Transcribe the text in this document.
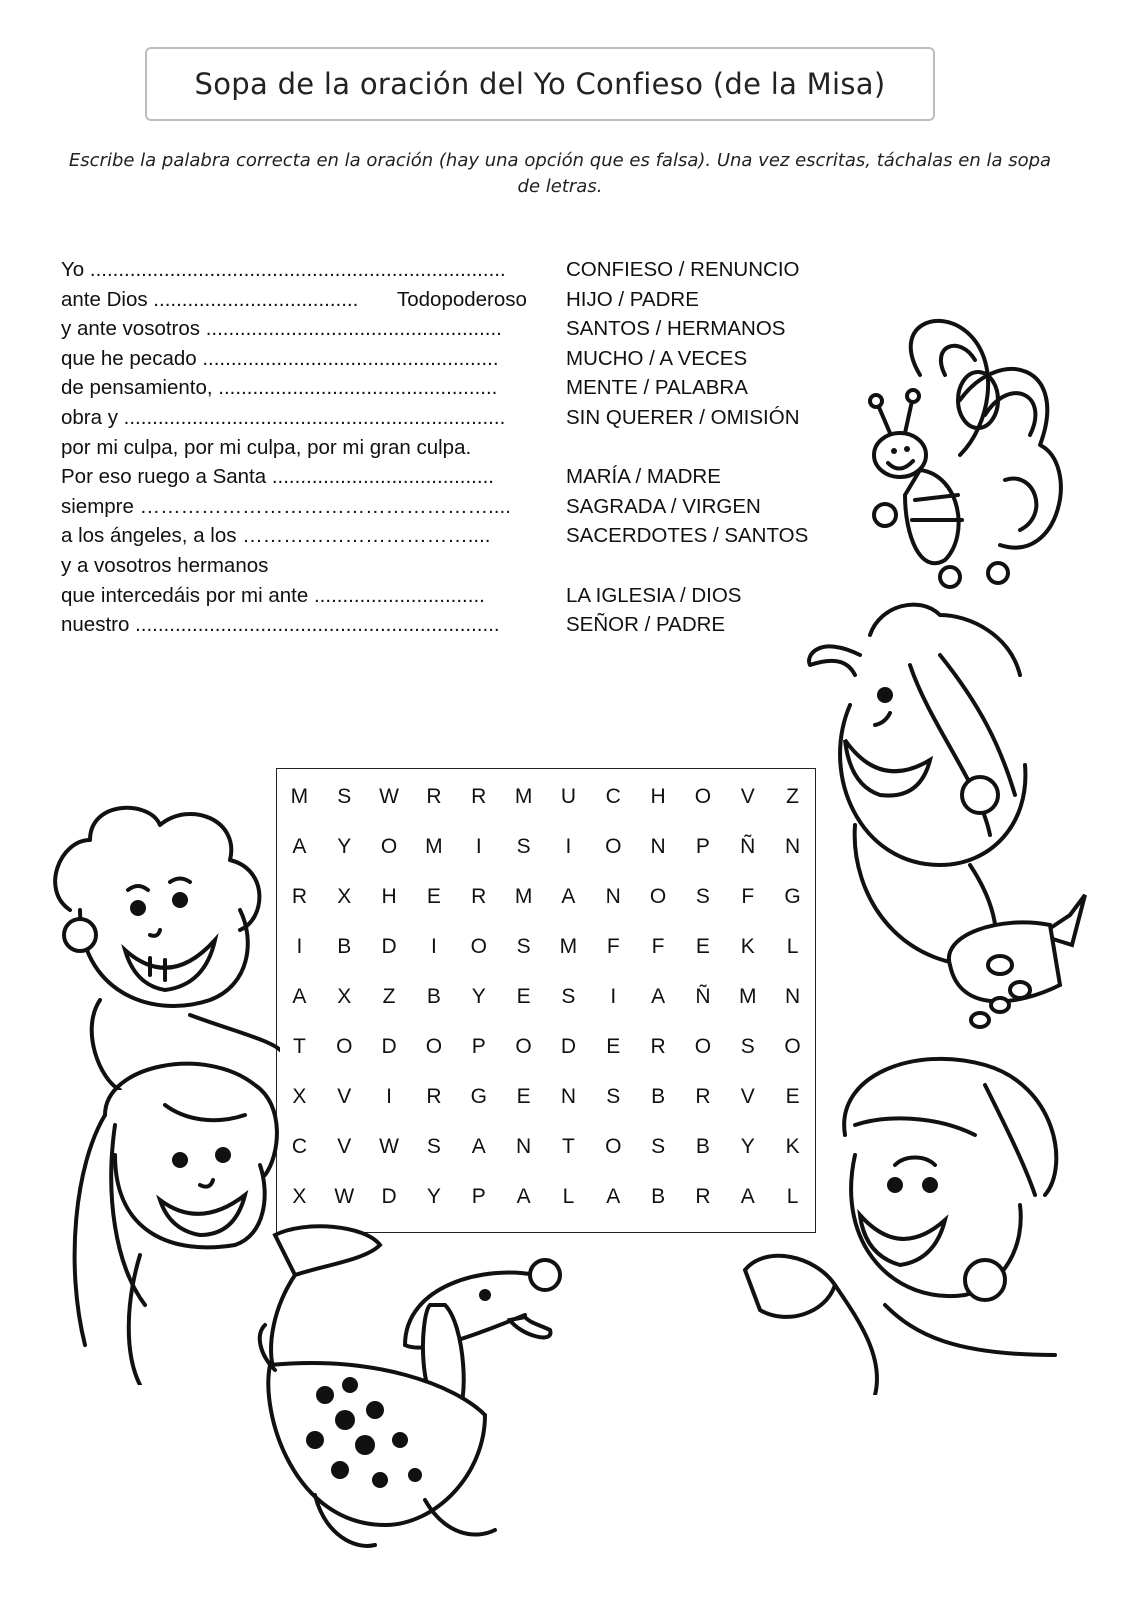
Sopa de la oración del Yo Confieso (de la Misa)
Escribe la palabra correcta en la oración (hay una opción que es falsa). Una vez escritas, táchalas en la sopa de letras.
Yo .........................................................................	CONFIESO / RENUNCIO
ante Dios .................................... Todopoderoso HIJO / PADRE
y ante vosotros ....................................................	SANTOS / HERMANOS
que he pecado ....................................................	MUCHO / A VECES
de pensamiento, .................................................	MENTE / PALABRA
obra y ...................................................................	SIN QUERER / OMISIÓN
por mi culpa, por mi culpa, por mi gran culpa.
Por eso ruego a Santa .......................................	MARÍA / MADRE
siempre ……………………………………………....	SAGRADA / VIRGEN
a los ángeles, a los ……………………………....	SACERDOTES / SANTOS
y a vosotros hermanos
que intercedáis por mi ante ..............................	LA IGLESIA / DIOS
nuestro ................................................................	SEÑOR / PADRE
M	S	W	R	R	M	U	C	H	O	V	Z
A	Y	O	M	I	S	I	O	N	P	Ñ	N
R	X	H	E	R	M	A	N	O	S	F	G
I	B	D	I	O	S	M	F	F	E	K	L
A	X	Z	B	Y	E	S	I	A	Ñ	M	N
T	O	D	O	P	O	D	E	R	O	S	O
X	V	I	R	G	E	N	S	B	R	V	E
C	V	W	S	A	N	T	O	S	B	Y	K
X	W	D	Y	P	A	L	A	B	R	A	L
